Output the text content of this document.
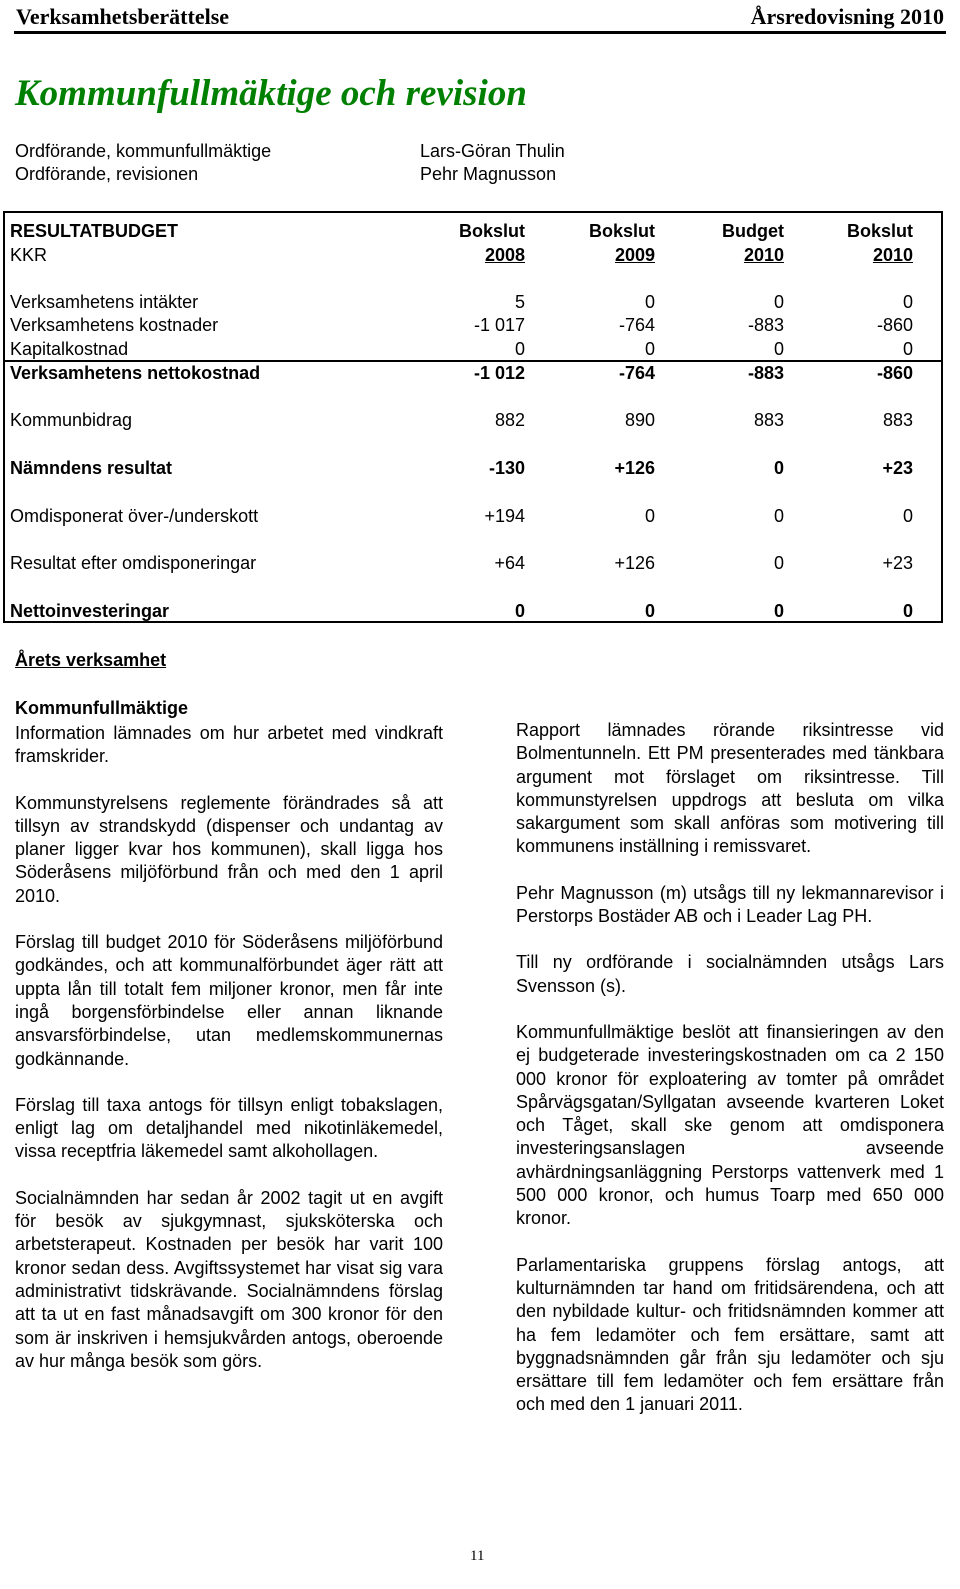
Verksamhetsberättelse	Årsredovisning 2010
Kommunfullmäktige och revision
Ordförande, kommunfullmäktige	Lars-Göran Thulin
Ordförande, revisionen	Pehr Magnusson
RESULTATBUDGET	Bokslut	Bokslut	Budget	Bokslut
KKR	2008	2009	2010	2010
Verksamhetens intäkter	5	0	0	0
Verksamhetens kostnader	-1 017	-764	-883	-860
Kapitalkostnad	0	0	0	0
Verksamhetens nettokostnad	-1 012	-764	-883	-860
Kommunbidrag	882	890	883	883
Nämndens resultat	-130	+126	0	+23
Omdisponerat över-/underskott	+194	0	0	0
Resultat efter omdisponeringar	+64	+126	0	+23
Nettoinvesteringar	0	0	0	0
Årets verksamhet
Kommunfullmäktige

Information lämnades om hur arbetet med vindkraft framskrider.

Kommunstyrelsens reglemente förändrades så att tillsyn av strandskydd (dispenser och undantag av planer ligger kvar hos kommunen), skall ligga hos Söderåsens miljöförbund från och med den 1 april 2010.

Förslag till budget 2010 för Söderåsens miljöförbund godkändes, och att kommunalförbundet äger rätt att uppta lån till totalt fem miljoner kronor, men får inte ingå borgensförbindelse eller annan liknande ansvarsförbindelse, utan medlemskommunernas godkännande.

Förslag till taxa antogs för tillsyn enligt tobakslagen, enligt lag om detaljhandel med nikotinläkemedel, vissa receptfria läkemedel samt alkohollagen.

Socialnämnden har sedan år 2002 tagit ut en avgift för besök av sjukgymnast, sjuksköterska och arbetsterapeut. Kostnaden per besök har varit 100 kronor sedan dess. Avgiftssystemet har visat sig vara administrativt tidskrävande. Socialnämndens förslag att ta ut en fast månadsavgift om 300 kronor för den som är inskriven i hemsjukvården antogs, oberoende av hur många besök som görs.

Rapport lämnades rörande riksintresse vid Bolmentunneln. Ett PM presenterades med tänkbara argument mot förslaget om riksintresse. Till kommunstyrelsen uppdrogs att besluta om vilka sakargument som skall anföras som motivering till kommunens inställning i remissvaret.

Pehr Magnusson (m) utsågs till ny lekmannarevisor i Perstorps Bostäder AB och i Leader Lag PH.

Till ny ordförande i socialnämnden utsågs Lars Svensson (s).

Kommunfullmäktige beslöt att finansieringen av den ej budgeterade investeringskostnaden om ca 2 150 000 kronor för exploatering av tomter på området Spårvägsgatan/Syllgatan avseende kvarteren Loket och Tåget, skall ske genom att omdisponera investeringsanslagen avseende avhärdningsanläggning Perstorps vattenverk med 1 500 000 kronor, och humus Toarp med 650 000 kronor.

Parlamentariska gruppens förslag antogs, att kulturnämnden tar hand om fritidsärendena, och att den nybildade kultur- och fritidsnämnden kommer att ha fem ledamöter och fem ersättare, samt att byggnadsnämnden går från sju ledamöter och sju ersättare till fem ledamöter och fem ersättare från och med den 1 januari 2011.

11
